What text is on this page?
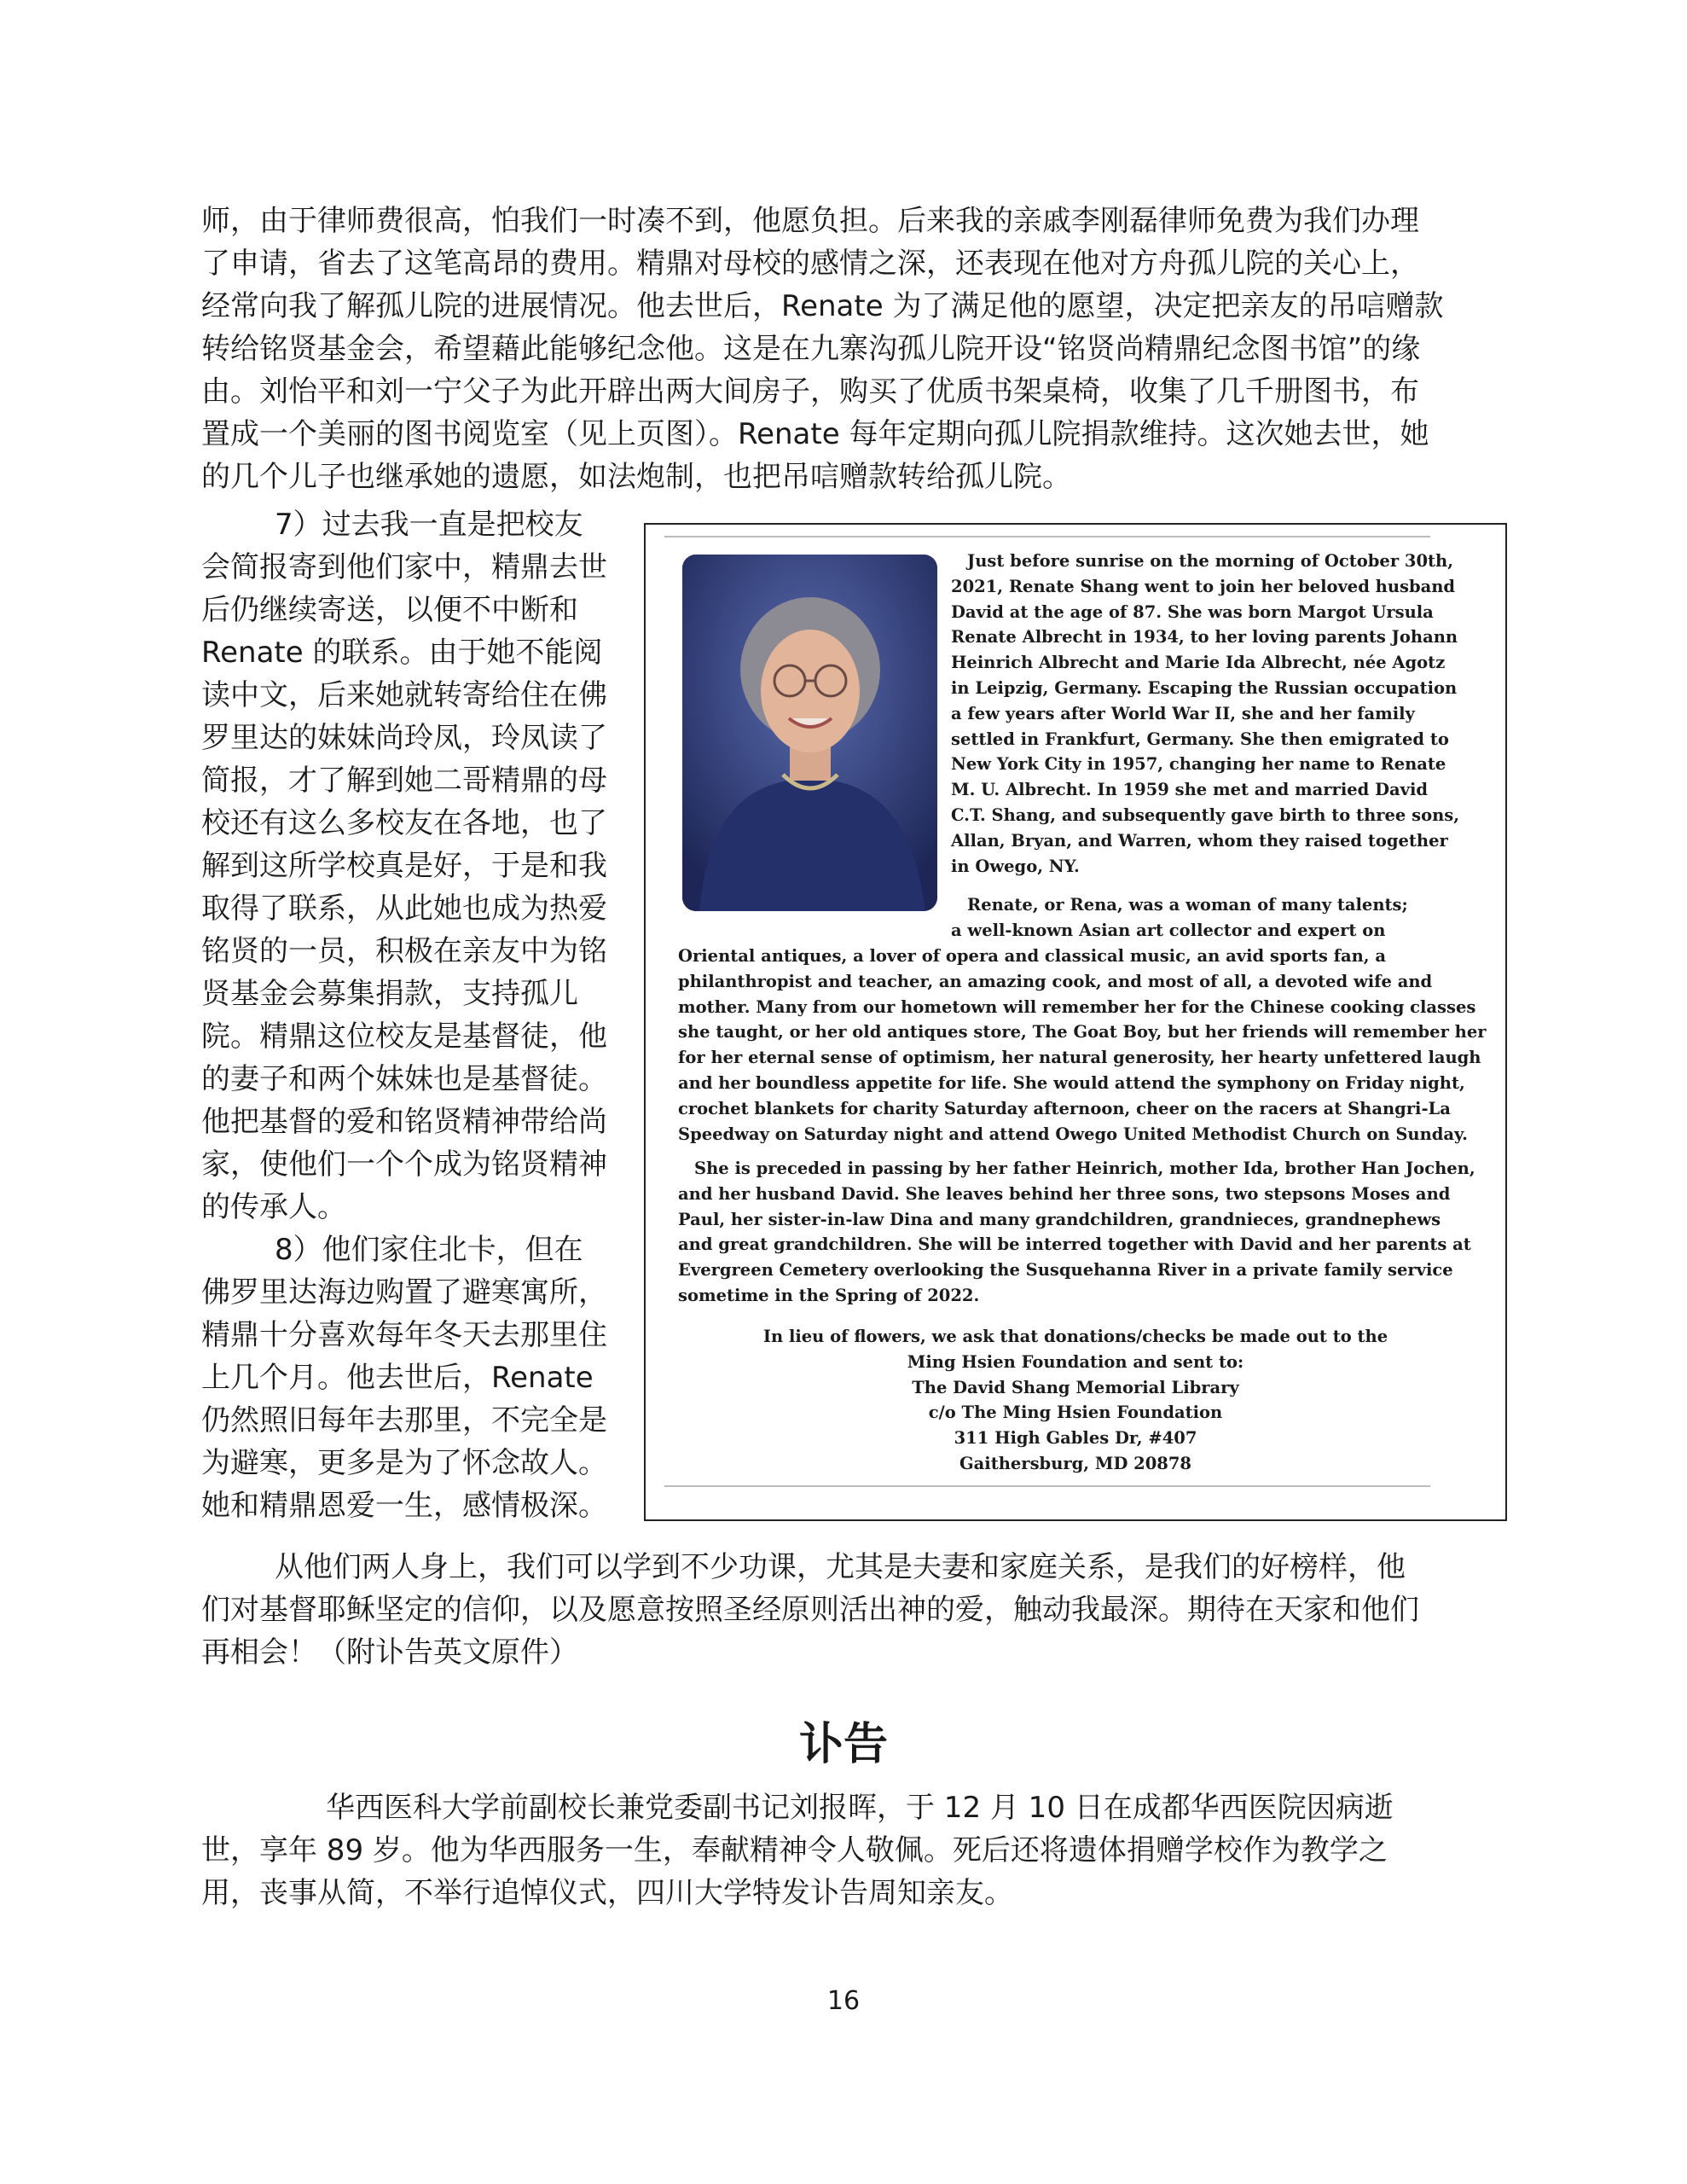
师，由于律师费很高，怕我们一时凑不到，他愿负担。后来我的亲戚李刚磊律师免费为我们办理
了申请，省去了这笔高昂的费用。精鼎对母校的感情之深，还表现在他对方舟孤儿院的关心上，
经常向我了解孤儿院的进展情况。他去世后，Renate 为了满足他的愿望，决定把亲友的吊唁赠款
转给铭贤基金会，希望藉此能够纪念他。这是在九寨沟孤儿院开设“铭贤尚精鼎纪念图书馆”的缘
由。刘怡平和刘一宁父子为此开辟出两大间房子，购买了优质书架桌椅，收集了几千册图书，布
置成一个美丽的图书阅览室（见上页图）。Renate 每年定期向孤儿院捐款维持。这次她去世，她
的几个儿子也继承她的遗愿，如法炮制，也把吊唁赠款转给孤儿院。
7）过去我一直是把校友
会简报寄到他们家中，精鼎去世
后仍继续寄送，以便不中断和
Renate 的联系。由于她不能阅
读中文，后来她就转寄给住在佛
罗里达的妹妹尚玲凤，玲凤读了
简报，才了解到她二哥精鼎的母
校还有这么多校友在各地，也了
解到这所学校真是好，于是和我
取得了联系，从此她也成为热爱
铭贤的一员，积极在亲友中为铭
贤基金会募集捐款，支持孤儿
院。精鼎这位校友是基督徒，他
的妻子和两个妹妹也是基督徒。
他把基督的爱和铭贤精神带给尚
家，使他们一个个成为铭贤精神
的传承人。
8）他们家住北卡，但在
佛罗里达海边购置了避寒寓所，
精鼎十分喜欢每年冬天去那里住
上几个月。他去世后，Renate
仍然照旧每年去那里，不完全是
为避寒，更多是为了怀念故人。
她和精鼎恩爱一生，感情极深。
Just before sunrise on the morning of October 30th,
2021, Renate Shang went to join her beloved husband
David at the age of 87. She was born Margot Ursula
Renate Albrecht in 1934, to her loving parents Johann
Heinrich Albrecht and Marie Ida Albrecht, née Agotz
in Leipzig, Germany. Escaping the Russian occupation
a few years after World War II, she and her family
settled in Frankfurt, Germany. She then emigrated to
New York City in 1957, changing her name to Renate
M. U. Albrecht. In 1959 she met and married David
C.T. Shang, and subsequently gave birth to three sons,
Allan, Bryan, and Warren, whom they raised together
in Owego, NY.
Renate, or Rena, was a woman of many talents;
a well-known Asian art collector and expert on
Oriental antiques, a lover of opera and classical music, an avid sports fan, a
philanthropist and teacher, an amazing cook, and most of all, a devoted wife and
mother. Many from our hometown will remember her for the Chinese cooking classes
she taught, or her old antiques store, The Goat Boy, but her friends will remember her
for her eternal sense of optimism, her natural generosity, her hearty unfettered laugh
and her boundless appetite for life. She would attend the symphony on Friday night,
crochet blankets for charity Saturday afternoon, cheer on the racers at Shangri-La
Speedway on Saturday night and attend Owego United Methodist Church on Sunday.
She is preceded in passing by her father Heinrich, mother Ida, brother Han Jochen,
and her husband David. She leaves behind her three sons, two stepsons Moses and
Paul, her sister-in-law Dina and many grandchildren, grandnieces, grandnephews
and great grandchildren. She will be interred together with David and her parents at
Evergreen Cemetery overlooking the Susquehanna River in a private family service
sometime in the Spring of 2022.
In lieu of flowers, we ask that donations/checks be made out to the
Ming Hsien Foundation and sent to:
The David Shang Memorial Library
c/o The Ming Hsien Foundation
311 High Gables Dr, #407
Gaithersburg, MD 20878
从他们两人身上，我们可以学到不少功课，尤其是夫妻和家庭关系，是我们的好榜样，他
们对基督耶稣坚定的信仰，以及愿意按照圣经原则活出神的爱，触动我最深。期待在天家和他们
再相会！（附讣告英文原件）
讣告
华西医科大学前副校长兼党委副书记刘报晖，于 12 月 10 日在成都华西医院因病逝
世，享年 89 岁。他为华西服务一生，奉献精神令人敬佩。死后还将遗体捐赠学校作为教学之
用，丧事从简，不举行追悼仪式，四川大学特发讣告周知亲友。
16
